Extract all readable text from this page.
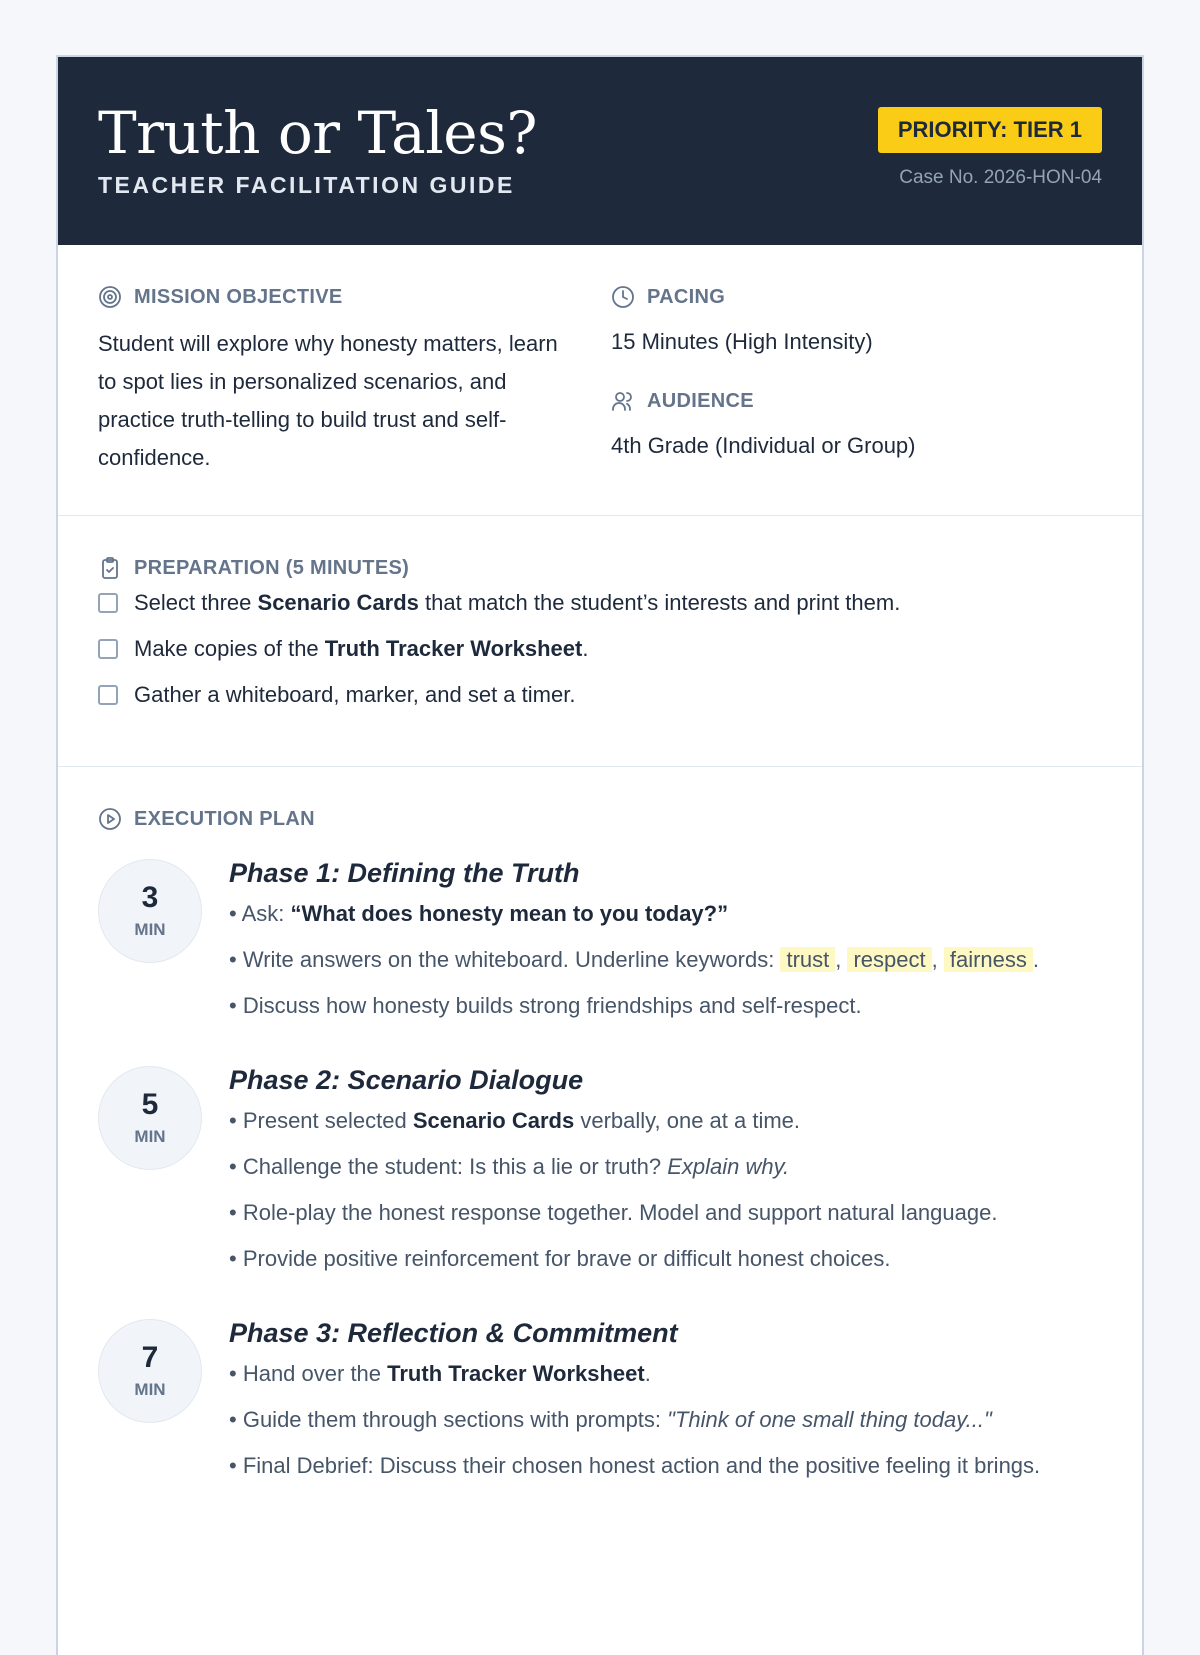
Truth or Tales?
TEACHER FACILITATION GUIDE
PRIORITY: TIER 1
Case No. 2026-HON-04
MISSION OBJECTIVE
Student will explore why honesty matters, learn to spot lies in personalized scenarios, and practice truth-telling to build trust and self-confidence.
PACING
15 Minutes (High Intensity)
AUDIENCE
4th Grade (Individual or Group)
PREPARATION (5 MINUTES)
Select three Scenario Cards that match the student’s interests and print them.
Make copies of the Truth Tracker Worksheet.
Gather a whiteboard, marker, and set a timer.
EXECUTION PLAN
3
MIN
Phase 1: Defining the Truth
• Ask: “What does honesty mean to you today?”
• Write answers on the whiteboard. Underline keywords: trust , respect , fairness .
• Discuss how honesty builds strong friendships and self-respect.
5
MIN
Phase 2: Scenario Dialogue
• Present selected Scenario Cards verbally, one at a time.
• Challenge the student: Is this a lie or truth? Explain why.
• Role-play the honest response together. Model and support natural language.
• Provide positive reinforcement for brave or difficult honest choices.
7
MIN
Phase 3: Reflection & Commitment
• Hand over the Truth Tracker Worksheet.
• Guide them through sections with prompts: "Think of one small thing today..."
• Final Debrief: Discuss their chosen honest action and the positive feeling it brings.
